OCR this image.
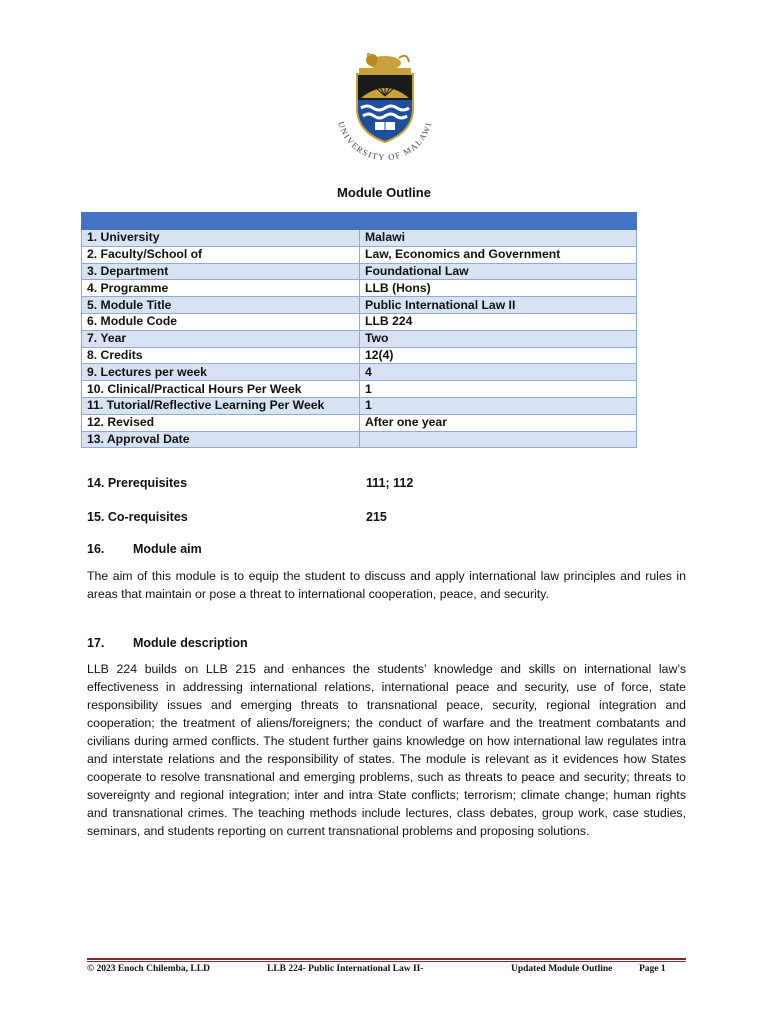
UNIVERSITY OF MALAWI
Module Outline

1. University	Malawi
2. Faculty/School of	Law, Economics and Government
3. Department	Foundational Law
4. Programme	LLB (Hons)
5. Module Title	Public International Law II
6. Module Code	LLB 224
7. Year	Two
8. Credits	12(4)
9. Lectures per week	4
10. Clinical/Practical Hours Per Week	1
11. Tutorial/Reflective Learning Per Week	1
12. Revised	After one year
13. Approval Date	
14. Prerequisites	111; 112
15. Co-requisites	215
16. Module aim
The aim of this module is to equip the student to discuss and apply international law principles and rules in areas that maintain or pose a threat to international cooperation, peace, and security.
17. Module description
LLB 224 builds on LLB 215 and enhances the students’ knowledge and skills on international law’s effectiveness in addressing international relations, international peace and security, use of force, state responsibility issues and emerging threats to transnational peace, security, regional integration and cooperation; the treatment of aliens/foreigners; the conduct of warfare and the treatment combatants and civilians during armed conflicts. The student further gains knowledge on how international law regulates intra and interstate relations and the responsibility of states. The module is relevant as it evidences how States cooperate to resolve transnational and emerging problems, such as threats to peace and security; threats to sovereignty and regional integration; inter and intra State conflicts; terrorism; climate change; human rights and transnational crimes. The teaching methods include lectures, class debates, group work, case studies, seminars, and students reporting on current transnational problems and proposing solutions.
© 2023 Enoch Chilemba, LLD	LLB 224- Public International Law II-	Updated Module Outline	Page 1
